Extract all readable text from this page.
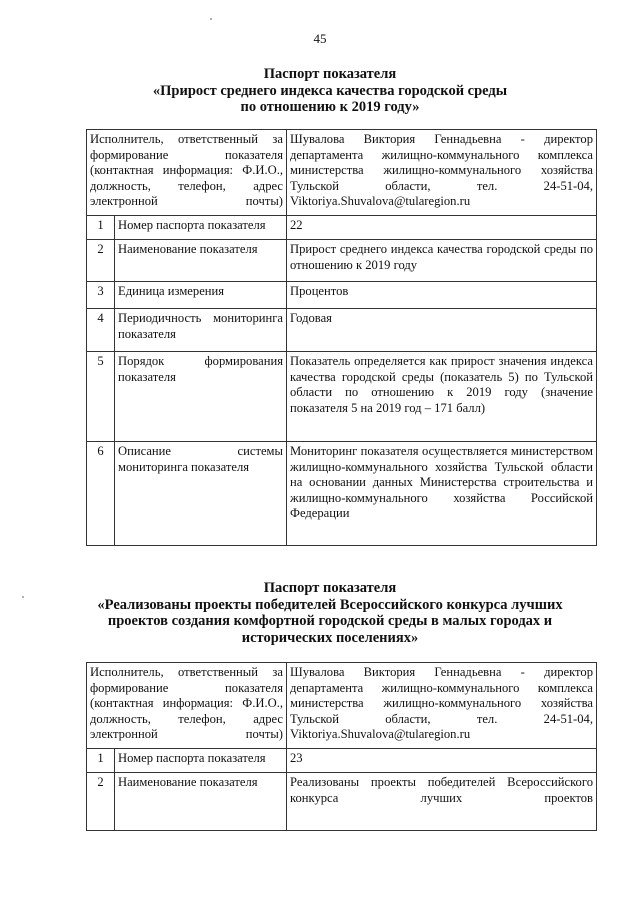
45
Паспорт показателя
«Прирост среднего индекса качества городской среды
по отношению к 2019 году»
Исполнитель, ответственный за формирование показателя (контактная информация: Ф.И.О., должность, телефон, адрес электронной почты)		Шувалова Виктория Геннадьевна - директор департамента жилищно-коммунального комплекса министерства жилищно-коммунального хозяйства Тульской области, тел. 24-51-04, Viktoriya.Shuvalova@tularegion.ru
1	Номер паспорта показателя	22
2	Наименование показателя	Прирост среднего индекса качества городской среды по отношению к 2019 году
3	Единица измерения	Процентов
4	Периодичность мониторинга показателя	Годовая
5	Порядок формирования показателя	Показатель определяется как прирост значения индекса качества городской среды (показатель 5) по Тульской области по отношению к 2019 году (значение показателя 5 на 2019 год – 171 балл)
6	Описание системы мониторинга показателя	Мониторинг показателя осуществляется министерством жилищно-коммунального хозяйства Тульской области на основании данных Министерства строительства и жилищно-коммунального хозяйства Российской Федерации
Паспорт показателя
«Реализованы проекты победителей Всероссийского конкурса лучших
проектов создания комфортной городской среды в малых городах и
исторических поселениях»
Исполнитель, ответственный за формирование показателя (контактная информация: Ф.И.О., должность, телефон, адрес электронной почты)		Шувалова Виктория Геннадьевна - директор департамента жилищно-коммунального комплекса министерства жилищно-коммунального хозяйства Тульской области, тел. 24-51-04, Viktoriya.Shuvalova@tularegion.ru
1	Номер паспорта показателя	23
2	Наименование показателя	Реализованы проекты победителей Всероссийского конкурса лучших проектов
